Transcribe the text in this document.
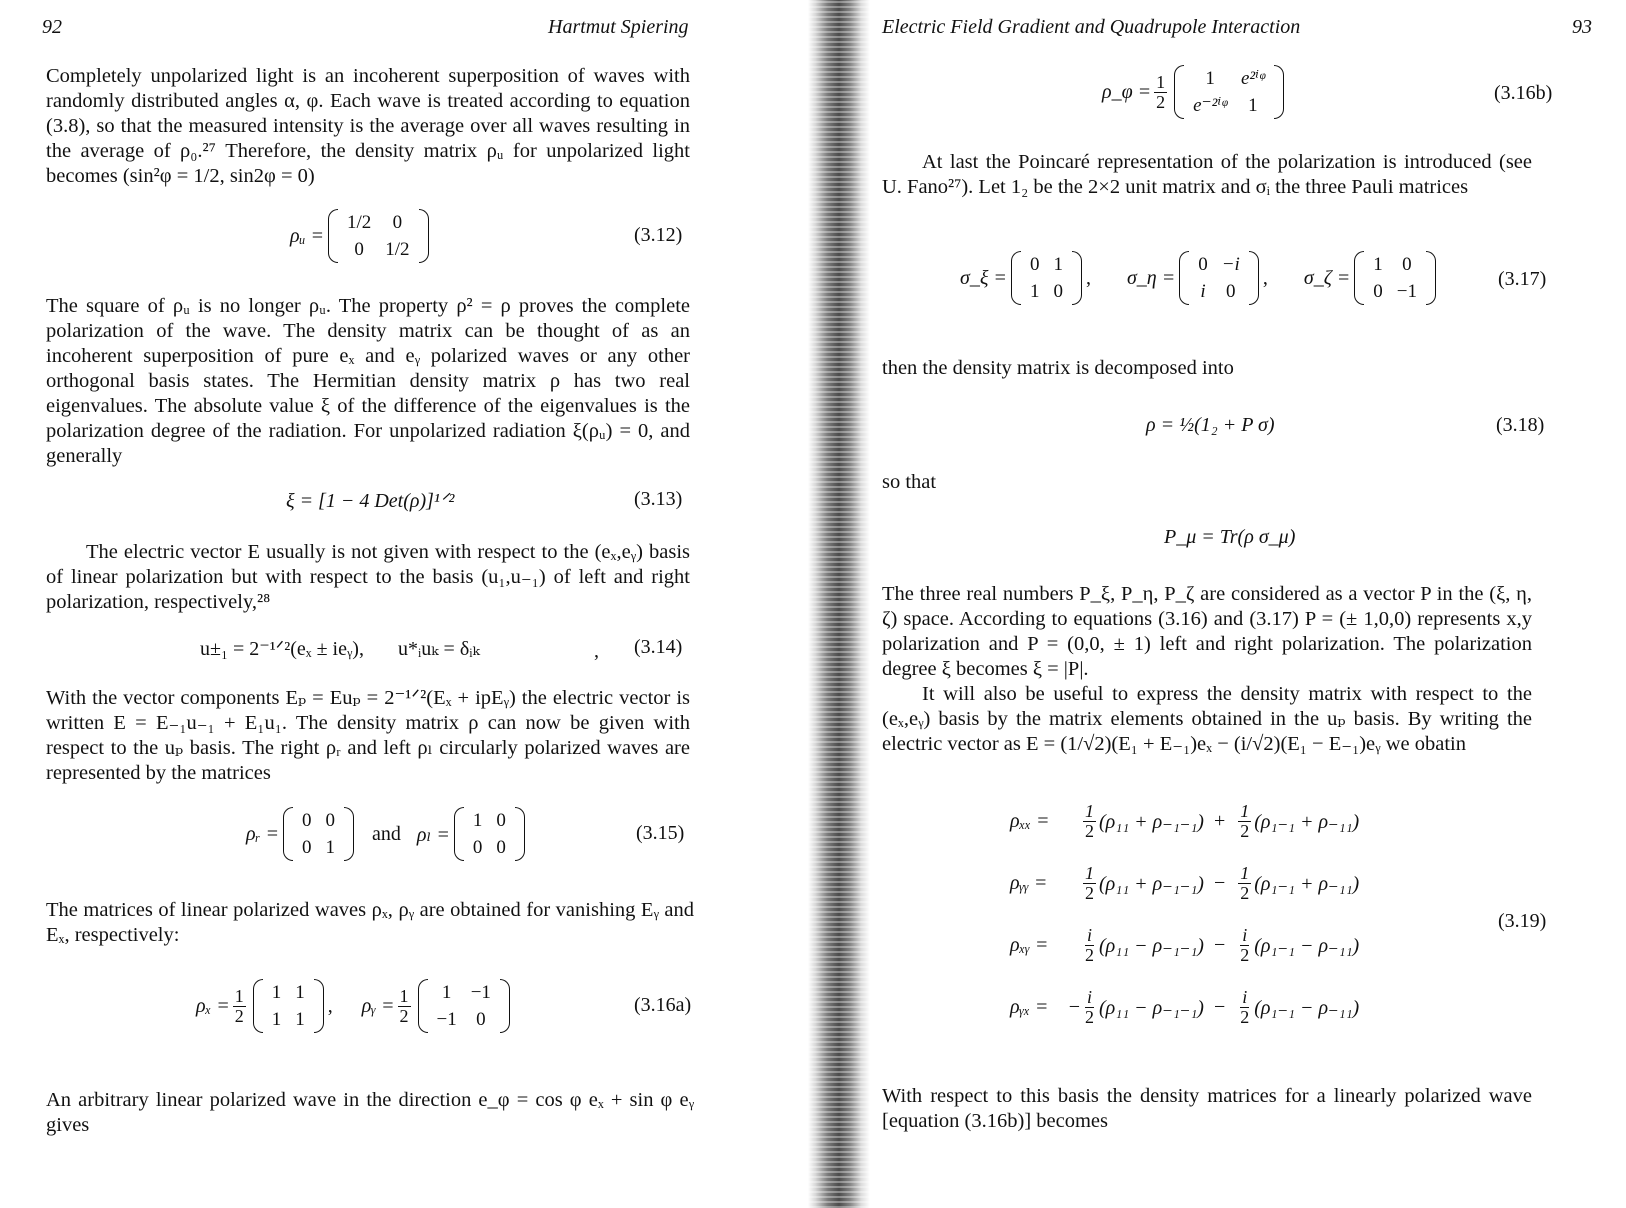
92	Hartmut Spiering

Completely unpolarized light is an incoherent superposition of waves with randomly distributed angles α, φ. Each wave is treated according to equation (3.8), so that the measured intensity is the average over all waves resulting in the average of ρ₀.²⁷ Therefore, the density matrix ρᵤ for unpolarized light becomes (sin²φ = 1/2, sin2φ = 0)

ρᵤ =
1/2	0
0	1/2
(3.12)

The square of ρᵤ is no longer ρᵤ. The property ρ² = ρ proves the complete polarization of the wave. The density matrix can be thought of as an incoherent superposition of pure eₓ and eᵧ polarized waves or any other orthogonal basis states. The Hermitian density matrix ρ has two real eigenvalues. The absolute value ξ of the difference of the eigenvalues is the polarization degree of the radiation. For unpolarized radiation ξ(ρᵤ) = 0, and generally

ξ = [1 − 4 Det(ρ)]¹ᐟ²	(3.13)

The electric vector E usually is not given with respect to the (eₓ,eᵧ) basis of linear polarization but with respect to the basis (u₁,u₋₁) of left and right polarization, respectively,²⁸

u±₁ = 2⁻¹ᐟ²(eₓ ± ieᵧ), u*ᵢuₖ = δᵢₖ	, (3.14)

With the vector components Eₚ = Euₚ = 2⁻¹ᐟ²(Eₓ + ipEᵧ) the electric vector is written E = E₋₁u₋₁ + E₁u₁. The density matrix ρ can now be given with respect to the uₚ basis. The right ρᵣ and left ρₗ circularly polarized waves are represented by the matrices

ρᵣ =
0	0
0	1
and ρₗ =
1	0
0	0
(3.15)

The matrices of linear polarized waves ρₓ, ρᵧ are obtained for vanishing Eᵧ and Eₓ, respectively:

$\rho_x = \frac{1}{2} 1$	1
1	1
, ρᵧ = $\frac{1}{2} 1$	−1
−1	0
(3.16a)

An arbitrary linear polarized wave in the direction e_φ = cos φ eₓ + sin φ eᵧ gives

Electric Field Gradient and Quadrupole Interaction	93
ρ_φ = $\frac{1}{2} 1$	e²ⁱᵠ
e⁻²ⁱᵠ	1
(3.16b)

At last the Poincaré representation of the polarization is introduced (see U. Fano²⁷). Let 1₂ be the 2×2 unit matrix and σᵢ the three Pauli matrices

σ_ξ =
0	1
1	0
, σ_η =
0	−i
i	0
, σ_ζ =
1	0
0	−1
(3.17)

then the density matrix is decomposed into

ρ = ½(1₂ + P σ)	(3.18)

so that

P_μ = Tr(ρ σ_μ)

The three real numbers P_ξ, P_η, P_ζ are considered as a vector P in the (ξ, η, ζ) space. According to equations (3.16) and (3.17) P = (± 1,0,0) represents x,y polarization and P = (0,0, ± 1) left and right polarization. The polarization degree ξ becomes ξ = |P|.

It will also be useful to express the density matrix with respect to the (eₓ,eᵧ) basis by the matrix elements obtained in the uₚ basis. By writing the electric vector as E = (1/√2)(E₁ + E₋₁)eₓ − (i/√2)(E₁ − E₋₁)eᵧ we obatin

ρₓₓ =	$\frac{1}{2} (\rho_{11} + \rho_{-1-1}) + \frac{1}{2} (\rho_{1-1} + \rho_{-11})$
ρᵧᵧ =	$\frac{1}{2} (\rho_{11} + \rho_{-1-1}) - \frac{1}{2} (\rho_{1-1} + \rho_{-11})$
ρₓᵧ =	$\frac{i}{2} (\rho_{11} - \rho_{-1-1}) - \frac{i}{2} (\rho_{1-1} - \rho_{-11})$
ρᵧₓ =	− $\frac{i}{2} (\rho_{11} - \rho_{-1-1}) - \frac{i}{2} (\rho_{1-1} - \rho_{-11})$
(3.19)

With respect to this basis the density matrices for a linearly polarized wave [equation (3.16b)] becomes
